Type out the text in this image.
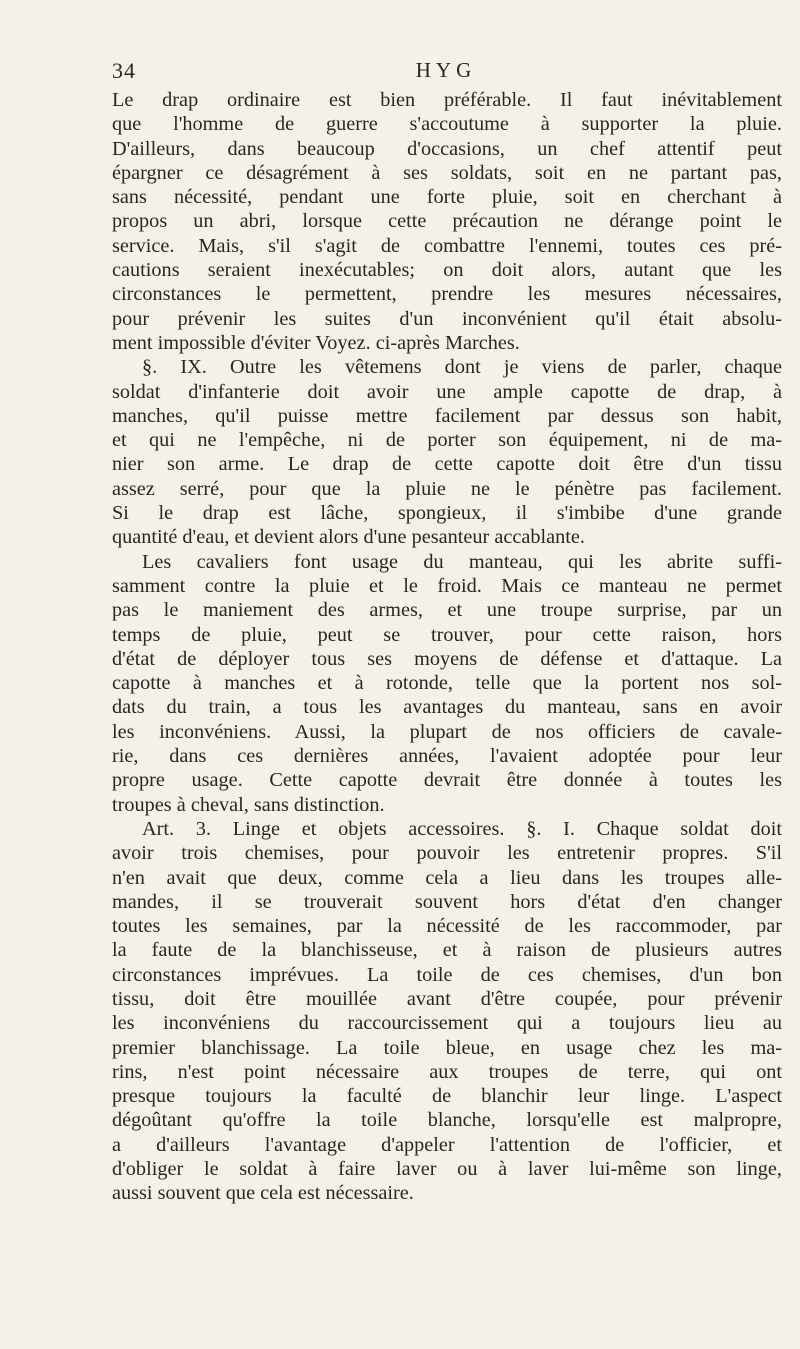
34	HYG
Le drap ordinaire est bien préférable. Il faut inévitablement
que l'homme de guerre s'accoutume à supporter la pluie.
D'ailleurs, dans beaucoup d'occasions, un chef attentif peut
épargner ce désagrément à ses soldats, soit en ne partant pas,
sans nécessité, pendant une forte pluie, soit en cherchant à
propos un abri, lorsque cette précaution ne dérange point le
service. Mais, s'il s'agit de combattre l'ennemi, toutes ces pré-
cautions seraient inexécutables; on doit alors, autant que les
circonstances le permettent, prendre les mesures nécessaires,
pour prévenir les suites d'un inconvénient qu'il était absolu-
ment impossible d'éviter Voyez. ci-après Marches.
§. IX. Outre les vêtemens dont je viens de parler, chaque
soldat d'infanterie doit avoir une ample capotte de drap, à
manches, qu'il puisse mettre facilement par dessus son habit,
et qui ne l'empêche, ni de porter son équipement, ni de ma-
nier son arme. Le drap de cette capotte doit être d'un tissu
assez serré, pour que la pluie ne le pénètre pas facilement.
Si le drap est lâche, spongieux, il s'imbibe d'une grande
quantité d'eau, et devient alors d'une pesanteur accablante.
Les cavaliers font usage du manteau, qui les abrite suffi-
samment contre la pluie et le froid. Mais ce manteau ne permet
pas le maniement des armes, et une troupe surprise, par un
temps de pluie, peut se trouver, pour cette raison, hors
d'état de déployer tous ses moyens de défense et d'attaque. La
capotte à manches et à rotonde, telle que la portent nos sol-
dats du train, a tous les avantages du manteau, sans en avoir
les inconvéniens. Aussi, la plupart de nos officiers de cavale-
rie, dans ces dernières années, l'avaient adoptée pour leur
propre usage. Cette capotte devrait être donnée à toutes les
troupes à cheval, sans distinction.
Art. 3. Linge et objets accessoires. §. I. Chaque soldat doit
avoir trois chemises, pour pouvoir les entretenir propres. S'il
n'en avait que deux, comme cela a lieu dans les troupes alle-
mandes, il se trouverait souvent hors d'état d'en changer
toutes les semaines, par la nécessité de les raccommoder, par
la faute de la blanchisseuse, et à raison de plusieurs autres
circonstances imprévues. La toile de ces chemises, d'un bon
tissu, doit être mouillée avant d'être coupée, pour prévenir
les inconvéniens du raccourcissement qui a toujours lieu au
premier blanchissage. La toile bleue, en usage chez les ma-
rins, n'est point nécessaire aux troupes de terre, qui ont
presque toujours la faculté de blanchir leur linge. L'aspect
dégoûtant qu'offre la toile blanche, lorsqu'elle est malpropre,
a d'ailleurs l'avantage d'appeler l'attention de l'officier, et
d'obliger le soldat à faire laver ou à laver lui-même son linge,
aussi souvent que cela est nécessaire.
